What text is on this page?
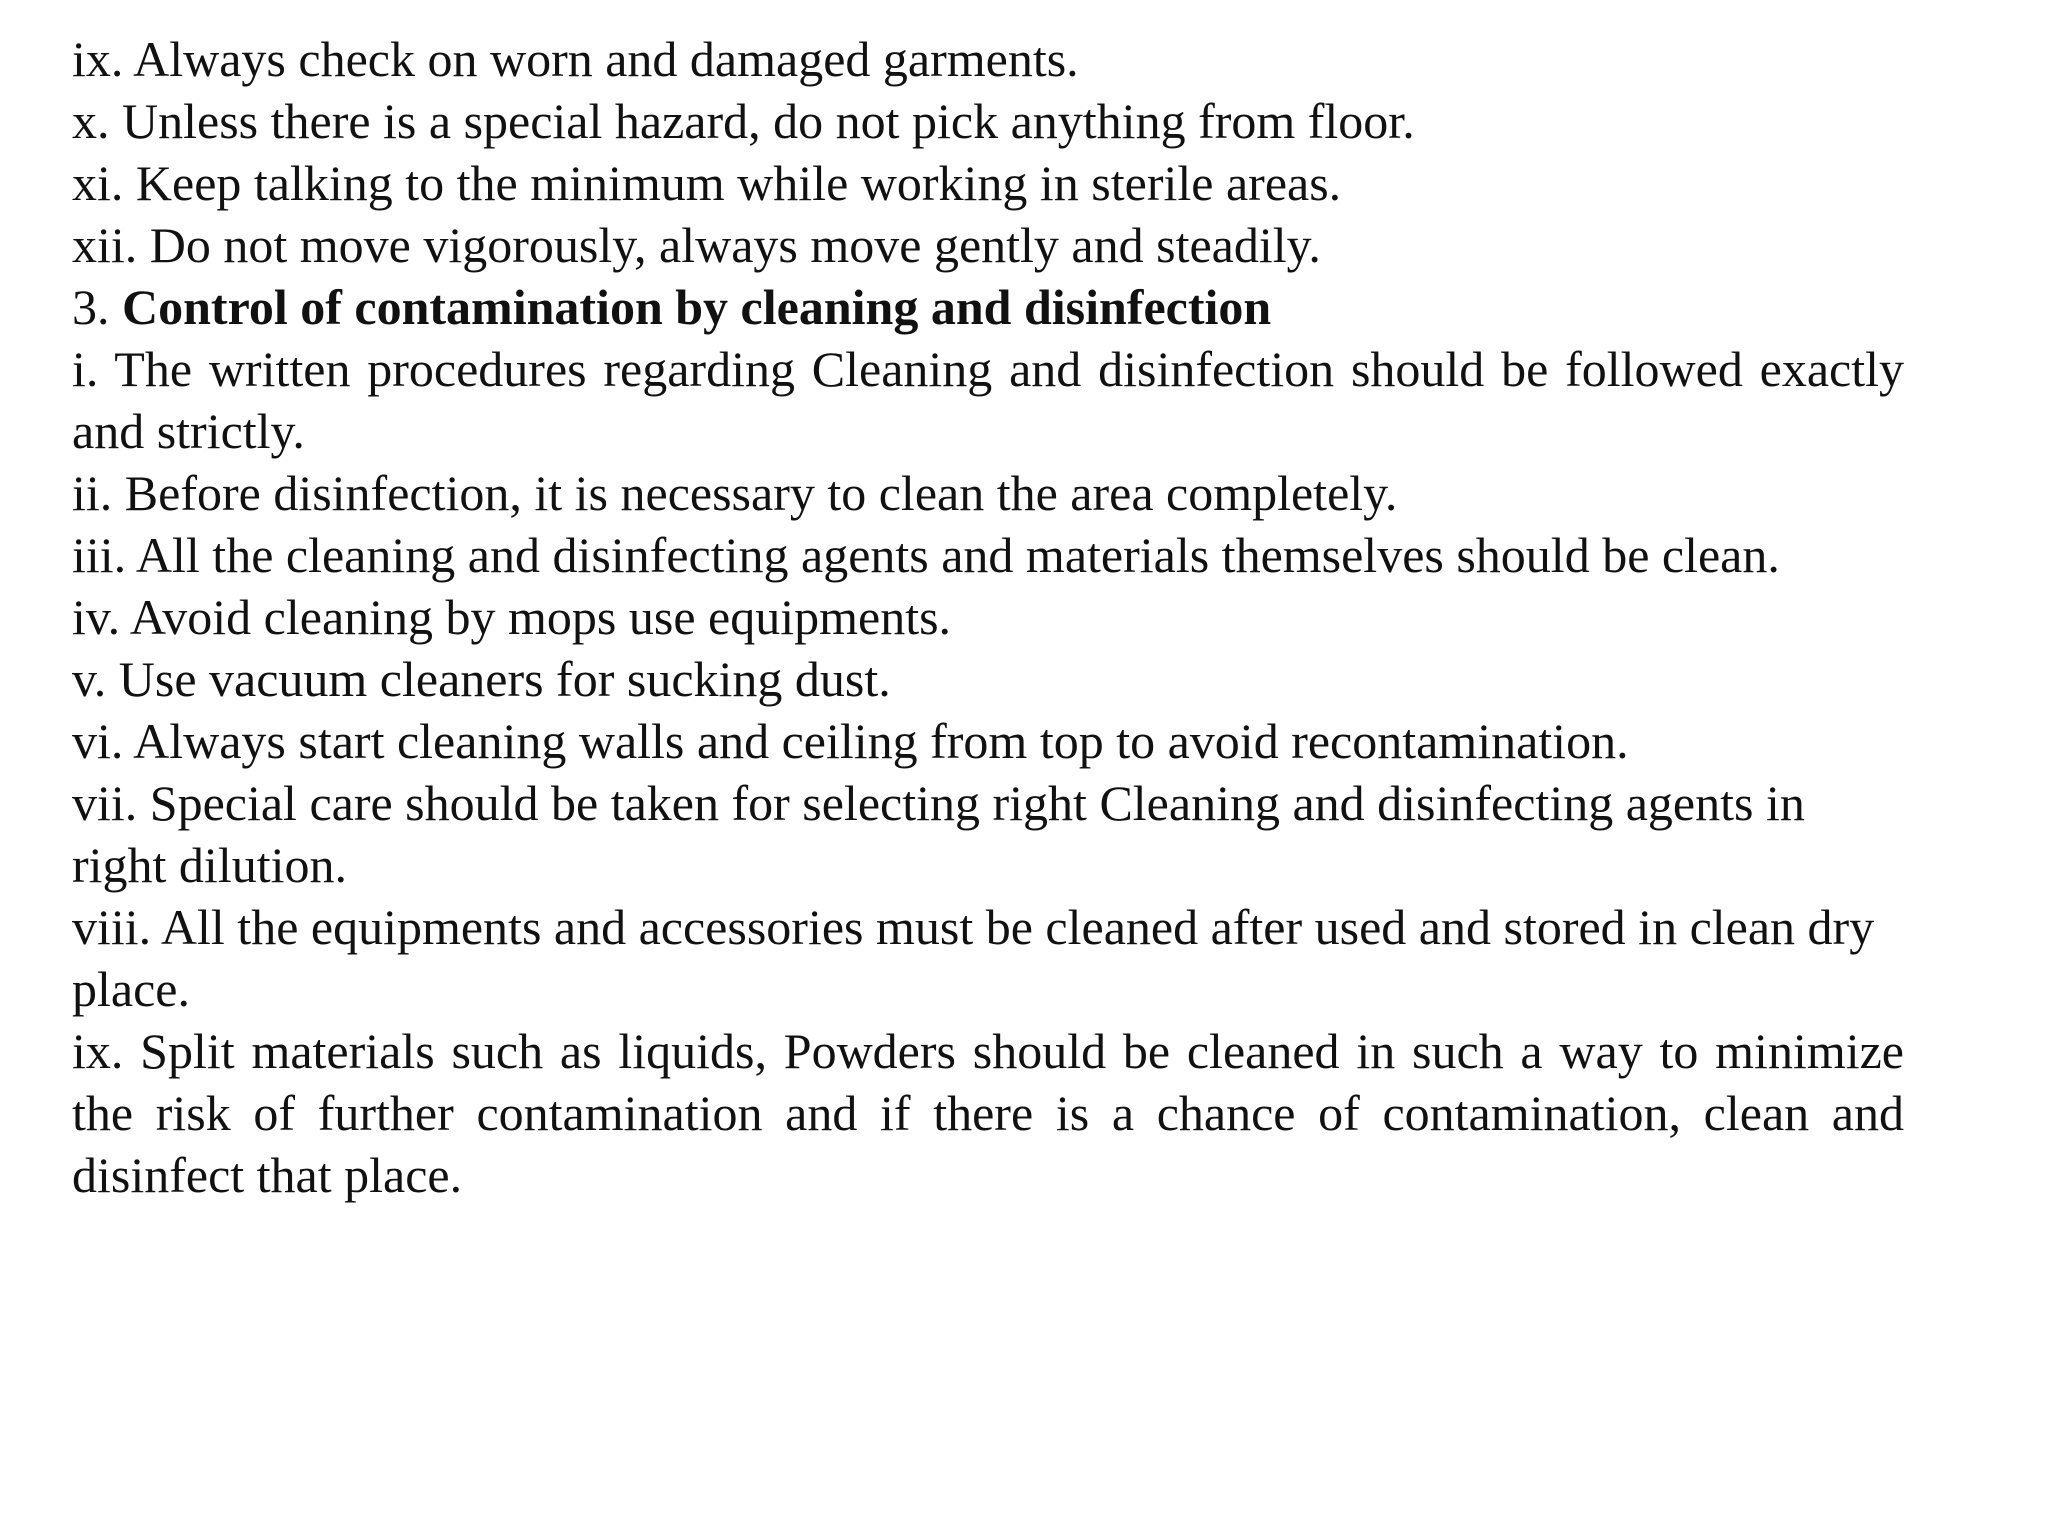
ix. Always check on worn and damaged garments.

x. Unless there is a special hazard, do not pick anything from floor.

xi. Keep talking to the minimum while working in sterile areas.

xii. Do not move vigorously, always move gently and steadily.

3. Control of contamination by cleaning and disinfection

i. The written procedures regarding Cleaning and disinfection should be followed exactly and strictly.

ii. Before disinfection, it is necessary to clean the area completely.

iii. All the cleaning and disinfecting agents and materials themselves should be clean.

iv. Avoid cleaning by mops use equipments.

v. Use vacuum cleaners for sucking dust.

vi. Always start cleaning walls and ceiling from top to avoid recontamination.

vii. Special care should be taken for selecting right Cleaning and disinfecting agents in right dilution.

viii. All the equipments and accessories must be cleaned after used and stored in clean dry place.

ix. Split materials such as liquids, Powders should be cleaned in such a way to minimize the risk of further contamination and if there is a chance of contamination, clean and disinfect that place.
